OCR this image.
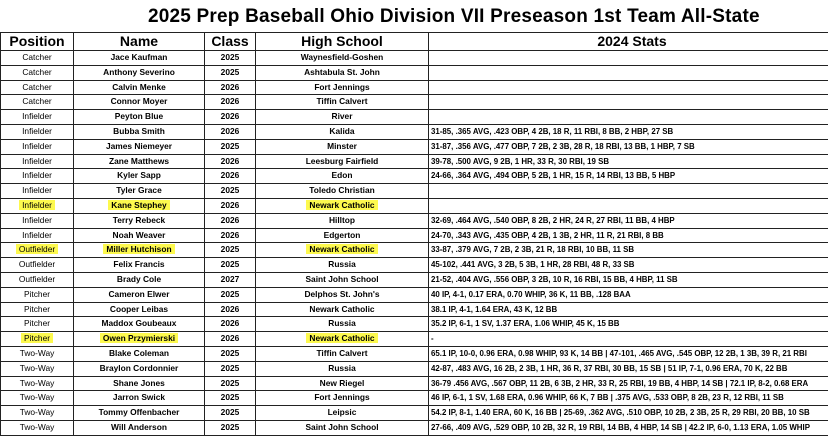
2025 Prep Baseball Ohio Division VII Preseason 1st Team All-State
Position	Name	Class	High School	2024 Stats
Catcher	Jace Kaufman	2025	Waynesfield-Goshen	
Catcher	Anthony Severino	2025	Ashtabula St. John	
Catcher	Calvin Menke	2026	Fort Jennings	
Catcher	Connor Moyer	2026	Tiffin Calvert	
Infielder	Peyton Blue	2026	River	
Infielder	Bubba Smith	2026	Kalida	31-85, .365 AVG, .423 OBP, 4 2B, 18 R, 11 RBI, 8 BB, 2 HBP, 27 SB
Infielder	James Niemeyer	2025	Minster	31-87, .356 AVG, .477 OBP, 7 2B, 2 3B, 28 R, 18 RBI, 13 BB, 1 HBP, 7 SB
Infielder	Zane Matthews	2026	Leesburg Fairfield	39-78, .500 AVG, 9 2B, 1 HR, 33 R, 30 RBI, 19 SB
Infielder	Kyler Sapp	2026	Edon	24-66, .364 AVG, .494 OBP, 5 2B, 1 HR, 15 R, 14 RBI, 13 BB, 5 HBP
Infielder	Tyler Grace	2025	Toledo Christian	
Infielder	Kane Stephey	2026	Newark Catholic	
Infielder	Terry Rebeck	2026	Hilltop	32-69, .464 AVG, .540 OBP, 8 2B, 2 HR, 24 R, 27 RBI, 11 BB, 4 HBP
Infielder	Noah Weaver	2026	Edgerton	24-70, .343 AVG, .435 OBP, 4 2B, 1 3B, 2 HR, 11 R, 21 RBI, 8 BB
Outfielder	Miller Hutchison	2025	Newark Catholic	33-87, .379 AVG, 7 2B, 2 3B, 21 R, 18 RBI, 10 BB, 11 SB
Outfielder	Felix Francis	2025	Russia	45-102, .441 AVG, 3 2B, 5 3B, 1 HR, 28 RBI, 48 R, 33 SB
Outfielder	Brady Cole	2027	Saint John School	21-52, .404 AVG, .556 OBP, 3 2B, 10 R, 16 RBI, 15 BB, 4 HBP, 11 SB
Pitcher	Cameron Elwer	2025	Delphos St. John's	40 IP, 4-1, 0.17 ERA, 0.70 WHIP, 36 K, 11 BB, .128 BAA
Pitcher	Cooper Leibas	2026	Newark Catholic	38.1 IP, 4-1, 1.64 ERA, 43 K, 12 BB
Pitcher	Maddox Goubeaux	2026	Russia	35.2 IP, 6-1, 1 SV, 1.37 ERA, 1.06 WHIP, 45 K, 15 BB
Pitcher	Owen Przymierski	2026	Newark Catholic	-
Two-Way	Blake Coleman	2025	Tiffin Calvert	65.1 IP, 10-0, 0.96 ERA, 0.98 WHIP, 93 K, 14 BB | 47-101, .465 AVG, .545 OBP, 12 2B, 1 3B, 39 R, 21 RBI
Two-Way	Braylon Cordonnier	2025	Russia	42-87, .483 AVG, 16 2B, 2 3B, 1 HR, 36 R, 37 RBI, 30 BB, 15 SB | 51 IP, 7-1, 0.96 ERA, 70 K, 22 BB
Two-Way	Shane Jones	2025	New Riegel	36-79 .456 AVG, .567 OBP, 11 2B, 6 3B, 2 HR, 33 R, 25 RBI, 19 BB, 4 HBP, 14 SB | 72.1 IP, 8-2, 0.68 ERA
Two-Way	Jarron Swick	2025	Fort Jennings	46 IP, 6-1, 1 SV, 1.68 ERA, 0.96 WHIP, 66 K, 7 BB | .375 AVG, .533 OBP, 8 2B, 23 R, 12 RBI, 11 SB
Two-Way	Tommy Offenbacher	2025	Leipsic	54.2 IP, 8-1, 1.40 ERA, 60 K, 16 BB | 25-69, .362 AVG, .510 OBP, 10 2B, 2 3B, 25 R, 29 RBI, 20 BB, 10 SB
Two-Way	Will Anderson	2025	Saint John School	27-66, .409 AVG, .529 OBP, 10 2B, 32 R, 19 RBI, 14 BB, 4 HBP, 14 SB | 42.2 IP, 6-0, 1.13 ERA, 1.05 WHIP
